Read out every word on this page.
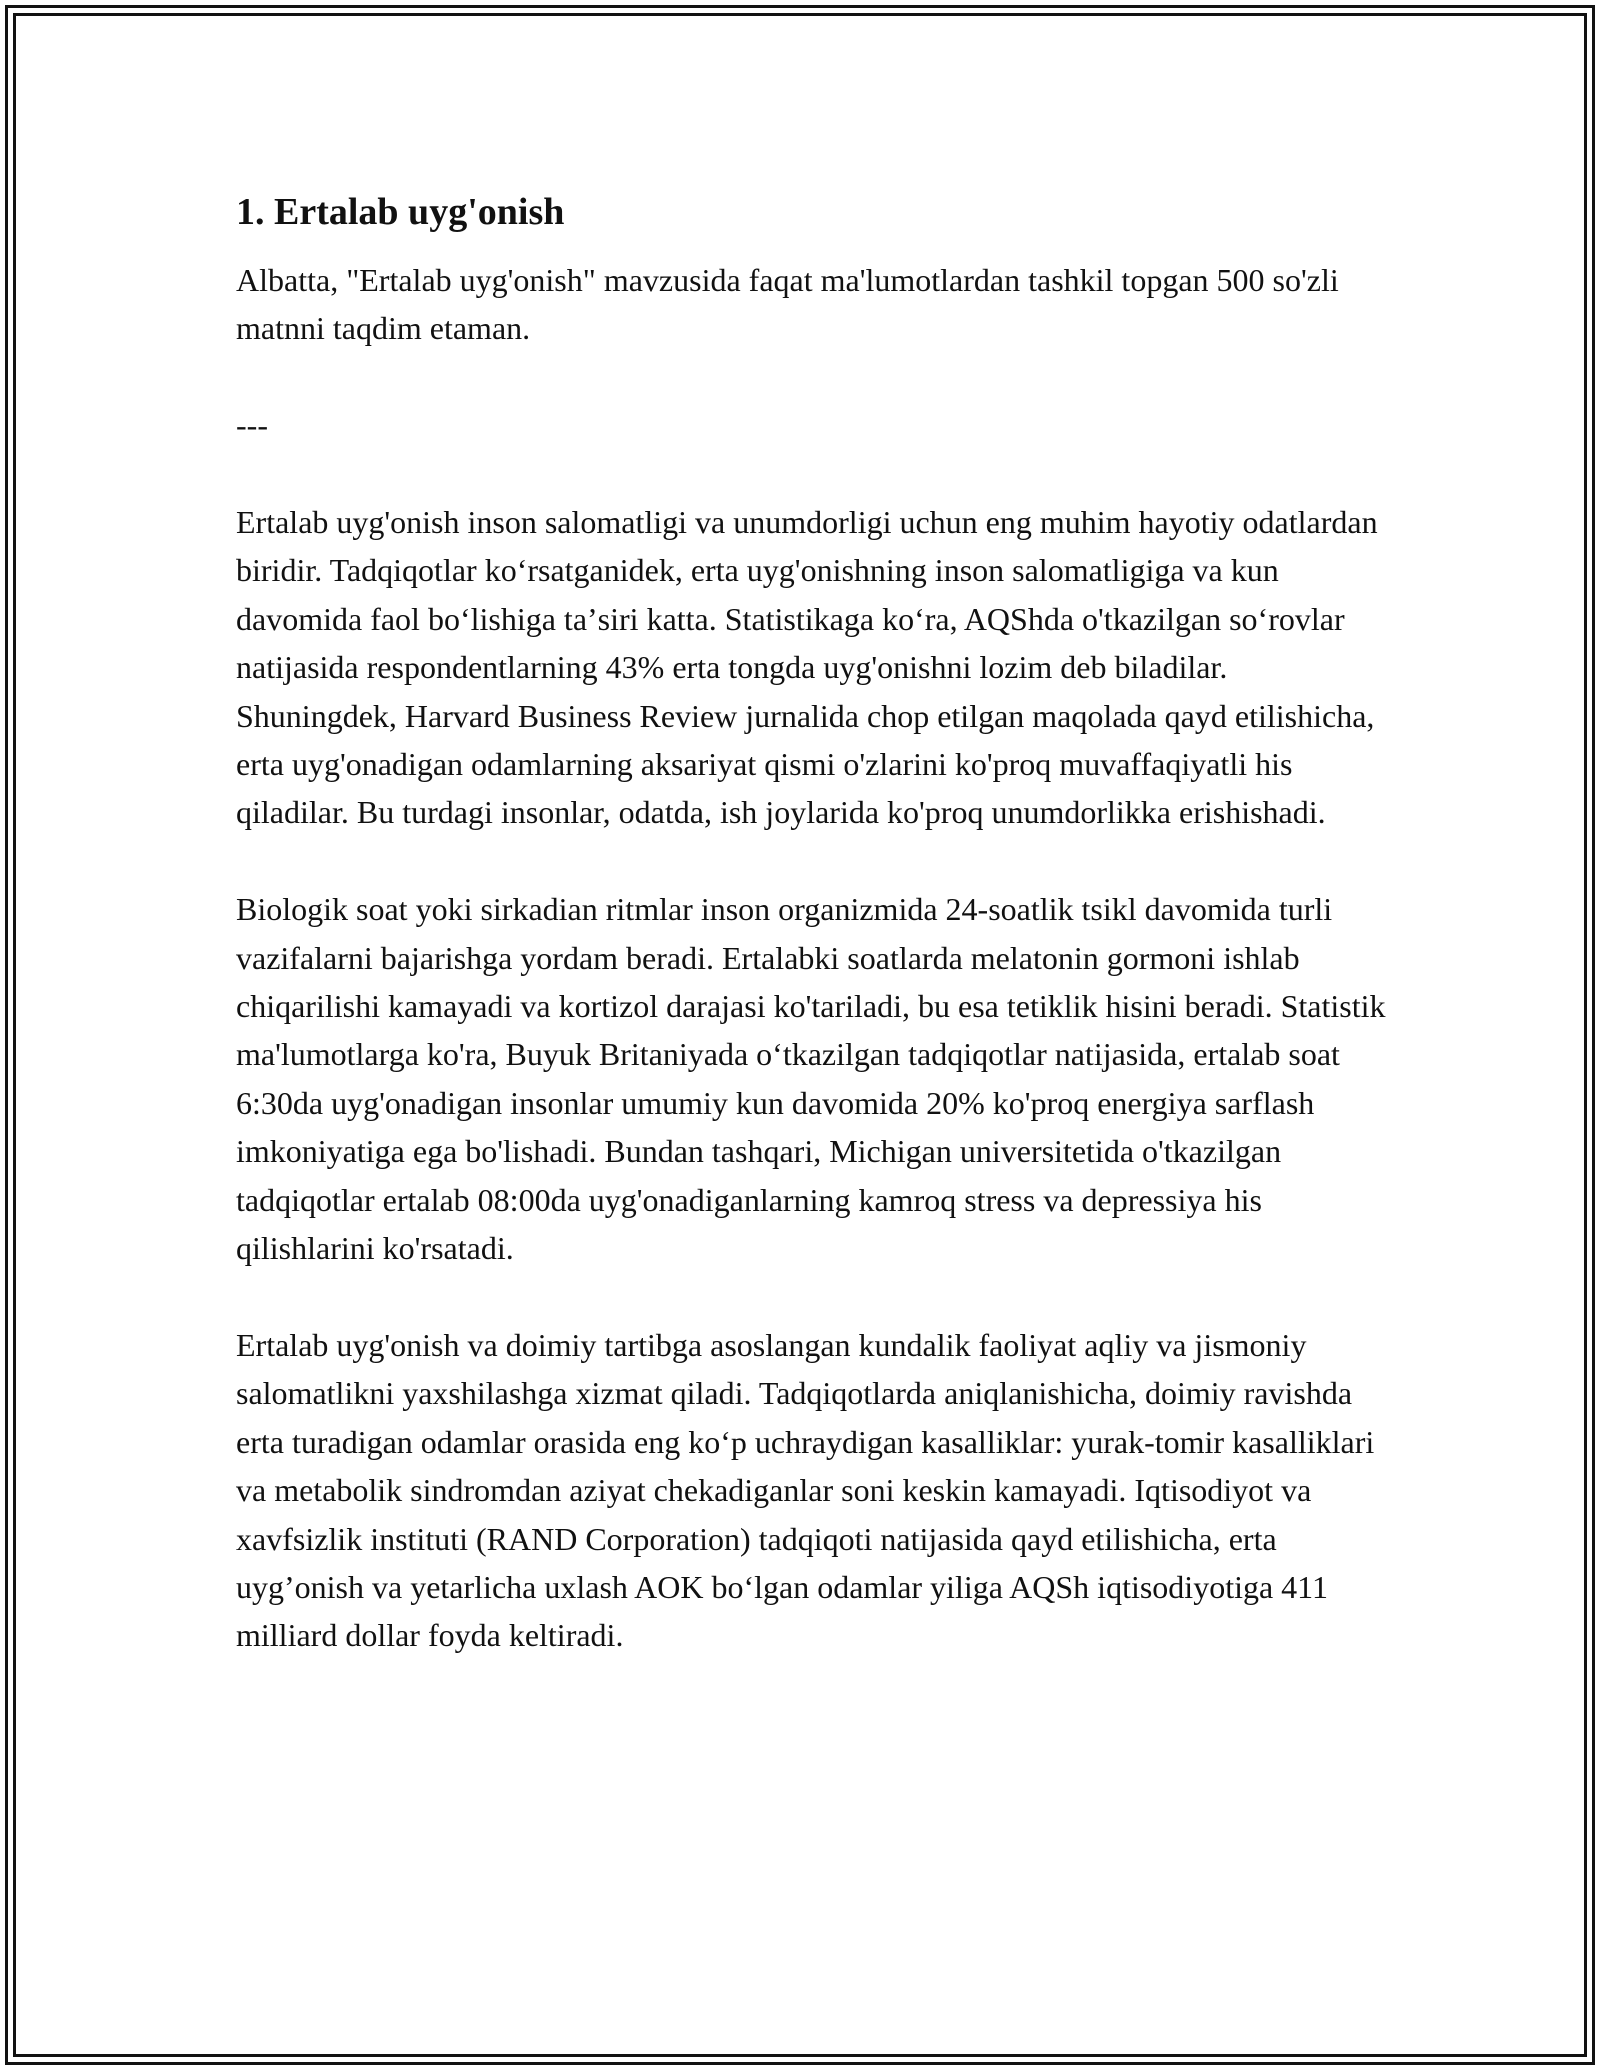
1. Ertalab uyg'onish

Albatta, "Ertalab uyg'onish" mavzusida faqat ma'lumotlardan tashkil topgan 500 so'zli matnni taqdim etaman.

---

Ertalab uyg'onish inson salomatligi va unumdorligi uchun eng muhim hayotiy odatlardan biridir. Tadqiqotlar koʻrsatganidek, erta uyg'onishning inson salomatligiga va kun davomida faol boʻlishiga taʼsiri katta. Statistikaga koʻra, AQShda o'tkazilgan soʻrovlar natijasida respondentlarning 43% erta tongda uyg'onishni lozim deb biladilar. Shuningdek, Harvard Business Review jurnalida chop etilgan maqolada qayd etilishicha, erta uyg'onadigan odamlarning aksariyat qismi o'zlarini ko'proq muvaffaqiyatli his qiladilar. Bu turdagi insonlar, odatda, ish joylarida ko'proq unumdorlikka erishishadi.

Biologik soat yoki sirkadian ritmlar inson organizmida 24-soatlik tsikl davomida turli vazifalarni bajarishga yordam beradi. Ertalabki soatlarda melatonin gormoni ishlab chiqarilishi kamayadi va kortizol darajasi ko'tariladi, bu esa tetiklik hisini beradi. Statistik ma'lumotlarga ko'ra, Buyuk Britaniyada oʻtkazilgan tadqiqotlar natijasida, ertalab soat 6:30da uyg'onadigan insonlar umumiy kun davomida 20% ko'proq energiya sarflash imkoniyatiga ega bo'lishadi. Bundan tashqari, Michigan universitetida o'tkazilgan tadqiqotlar ertalab 08:00da uyg'onadiganlarning kamroq stress va depressiya his qilishlarini ko'rsatadi.

Ertalab uyg'onish va doimiy tartibga asoslangan kundalik faoliyat aqliy va jismoniy salomatlikni yaxshilashga xizmat qiladi. Tadqiqotlarda aniqlanishicha, doimiy ravishda erta turadigan odamlar orasida eng koʻp uchraydigan kasalliklar: yurak-tomir kasalliklari va metabolik sindromdan aziyat chekadiganlar soni keskin kamayadi. Iqtisodiyot va xavfsizlik instituti (RAND Corporation) tadqiqoti natijasida qayd etilishicha, erta uyg’onish va yetarlicha uxlash AOK boʻlgan odamlar yiliga AQSh iqtisodiyotiga 411 milliard dollar foyda keltiradi.
